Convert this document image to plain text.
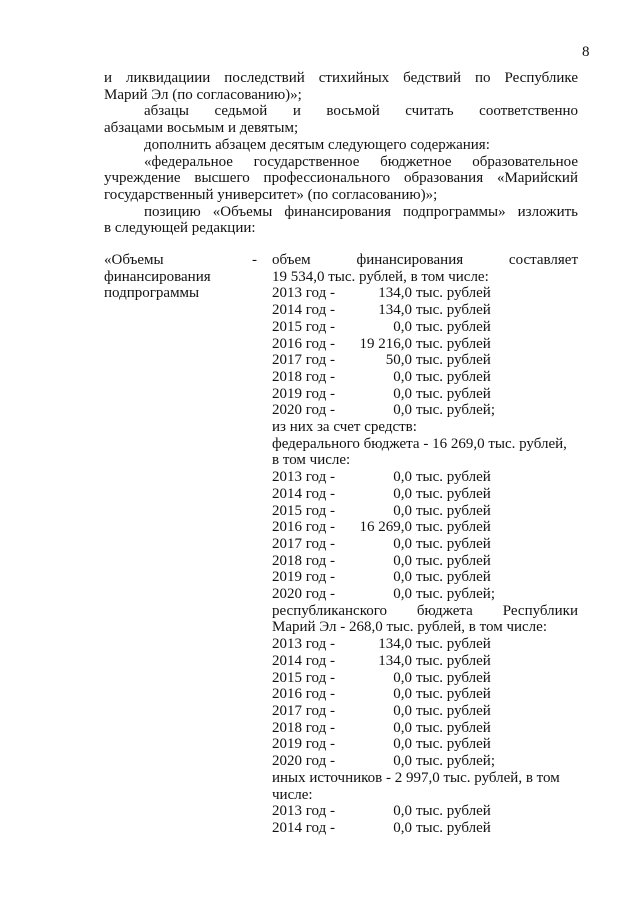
8
и ликвидациии последствий стихийных бедствий по Республике
Марий Эл (по согласованию)»;
абзацы седьмой и восьмой считать соответственно
абзацами восьмым и девятым;
дополнить абзацем десятым следующего содержания:
«федеральное государственное бюджетное образовательное
учреждение высшего профессионального образования «Марийский
государственный университет» (по согласованию)»;
позицию «Объемы финансирования подпрограммы» изложить
в следующей редакции:
«Объемы
финансирования
подпрограммы
- объем финансирования составляет
19 534,0 тыс. рублей, в том числе:
2013 год -	134,0 тыс. рублей
2014 год -	134,0 тыс. рублей
2015 год -	0,0 тыс. рублей
2016 год -	19 216,0 тыс. рублей
2017 год -	50,0 тыс. рублей
2018 год -	0,0 тыс. рублей
2019 год -	0,0 тыс. рублей
2020 год -	0,0 тыс. рублей;
из них за счет средств:
федерального бюджета - 16 269,0 тыс. рублей,
в том числе:
2013 год -	0,0 тыс. рублей
2014 год -	0,0 тыс. рублей
2015 год -	0,0 тыс. рублей
2016 год -	16 269,0 тыс. рублей
2017 год -	0,0 тыс. рублей
2018 год -	0,0 тыс. рублей
2019 год -	0,0 тыс. рублей
2020 год -	0,0 тыс. рублей;
республиканского бюджета Республики
Марий Эл - 268,0 тыс. рублей, в том числе:
2013 год -	134,0 тыс. рублей
2014 год -	134,0 тыс. рублей
2015 год -	0,0 тыс. рублей
2016 год -	0,0 тыс. рублей
2017 год -	0,0 тыс. рублей
2018 год -	0,0 тыс. рублей
2019 год -	0,0 тыс. рублей
2020 год -	0,0 тыс. рублей;
иных источников - 2 997,0 тыс. рублей, в том
числе:
2013 год -	0,0 тыс. рублей
2014 год -	0,0 тыс. рублей
